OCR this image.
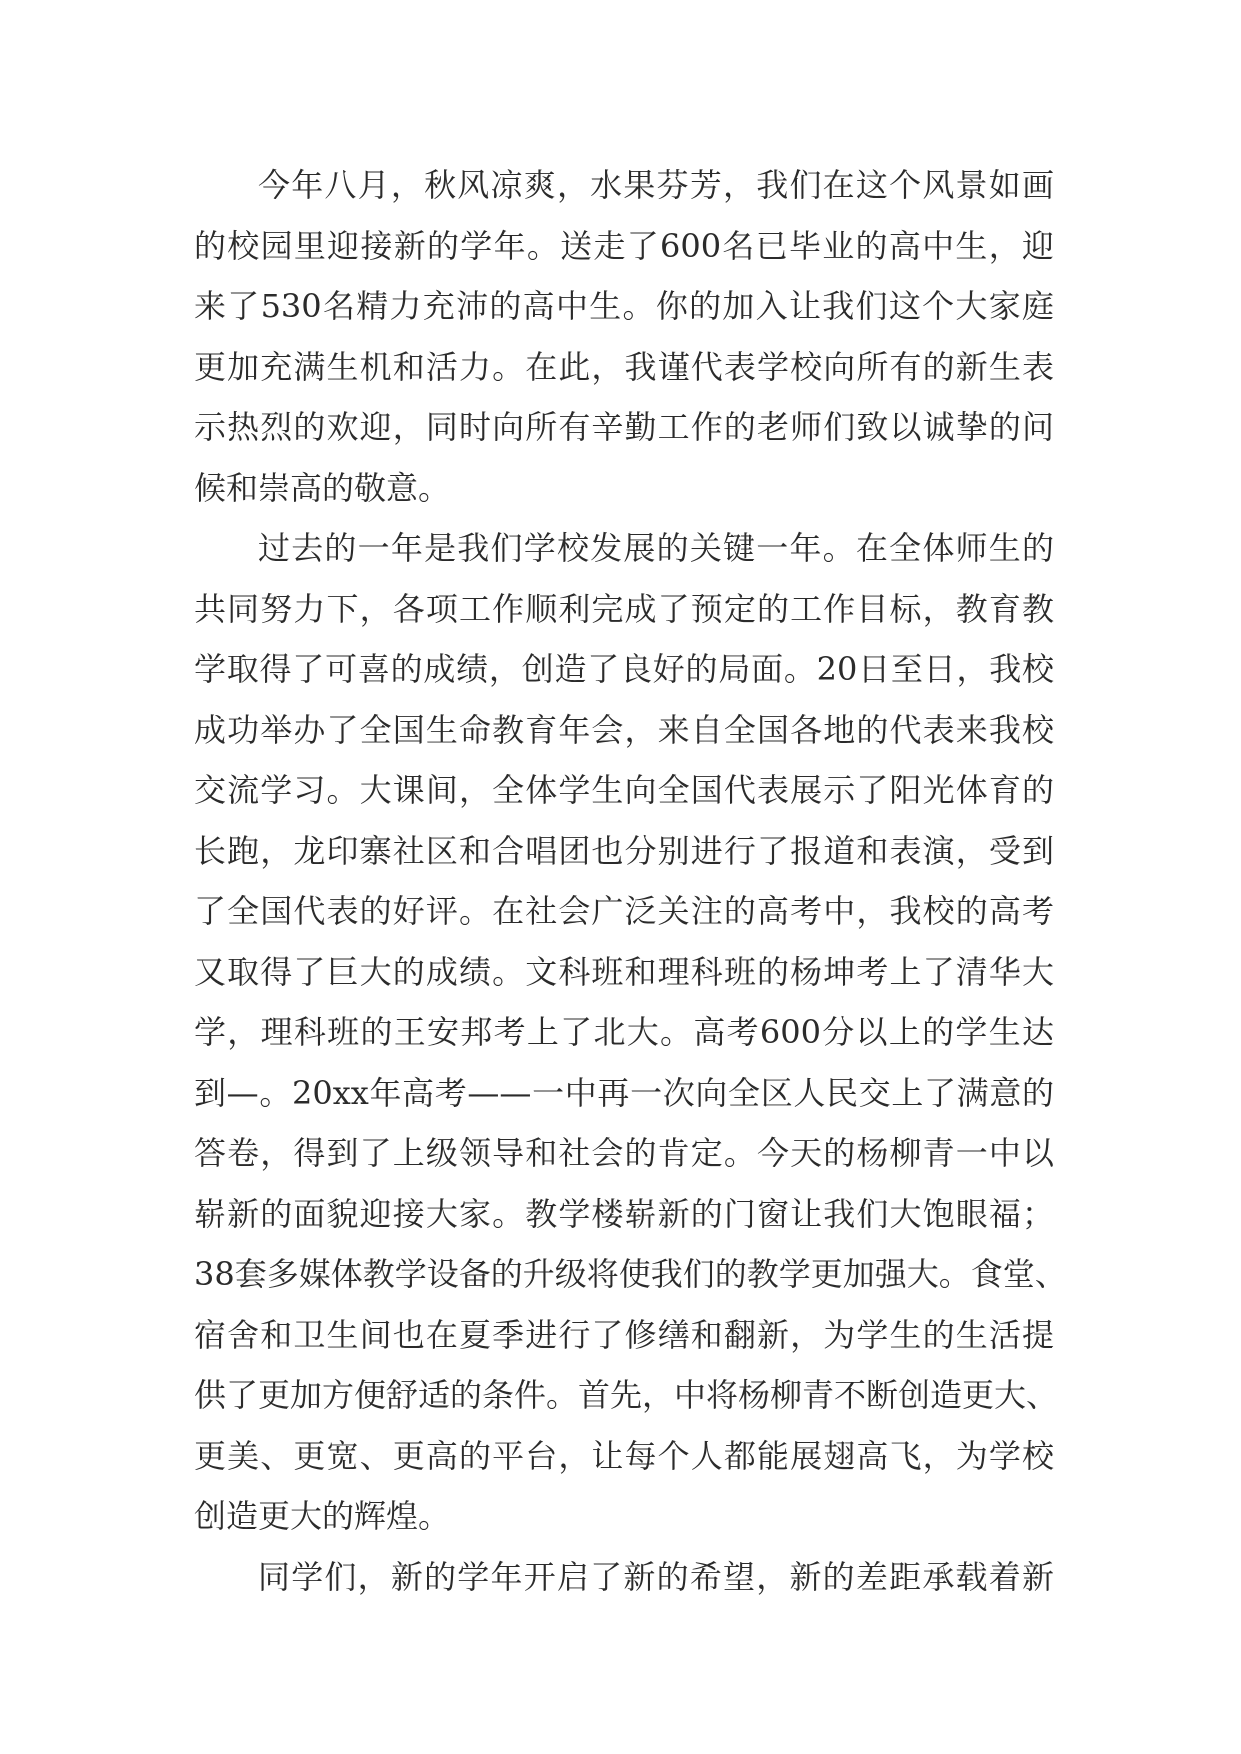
今年八月，秋风凉爽，水果芬芳，我们在这个风景如画
的校园里迎接新的学年。送走了600名已毕业的高中生，迎
来了530名精力充沛的高中生。你的加入让我们这个大家庭
更加充满生机和活力。在此，我谨代表学校向所有的新生表
示热烈的欢迎，同时向所有辛勤工作的老师们致以诚挚的问
候和崇高的敬意。
过去的一年是我们学校发展的关键一年。在全体师生的
共同努力下，各项工作顺利完成了预定的工作目标，教育教
学取得了可喜的成绩，创造了良好的局面。20日至日，我校
成功举办了全国生命教育年会，来自全国各地的代表来我校
交流学习。大课间，全体学生向全国代表展示了阳光体育的
长跑，龙印寨社区和合唱团也分别进行了报道和表演，受到
了全国代表的好评。在社会广泛关注的高考中，我校的高考
又取得了巨大的成绩。文科班和理科班的杨坤考上了清华大
学，理科班的王安邦考上了北大。高考600分以上的学生达
到—。20xx年高考——一中再一次向全区人民交上了满意的
答卷，得到了上级领导和社会的肯定。今天的杨柳青一中以
崭新的面貌迎接大家。教学楼崭新的门窗让我们大饱眼福；
38套多媒体教学设备的升级将使我们的教学更加强大。食堂、
宿舍和卫生间也在夏季进行了修缮和翻新，为学生的生活提
供了更加方便舒适的条件。首先，中将杨柳青不断创造更大、
更美、更宽、更高的平台，让每个人都能展翅高飞，为学校
创造更大的辉煌。
同学们，新的学年开启了新的希望，新的差距承载着新
